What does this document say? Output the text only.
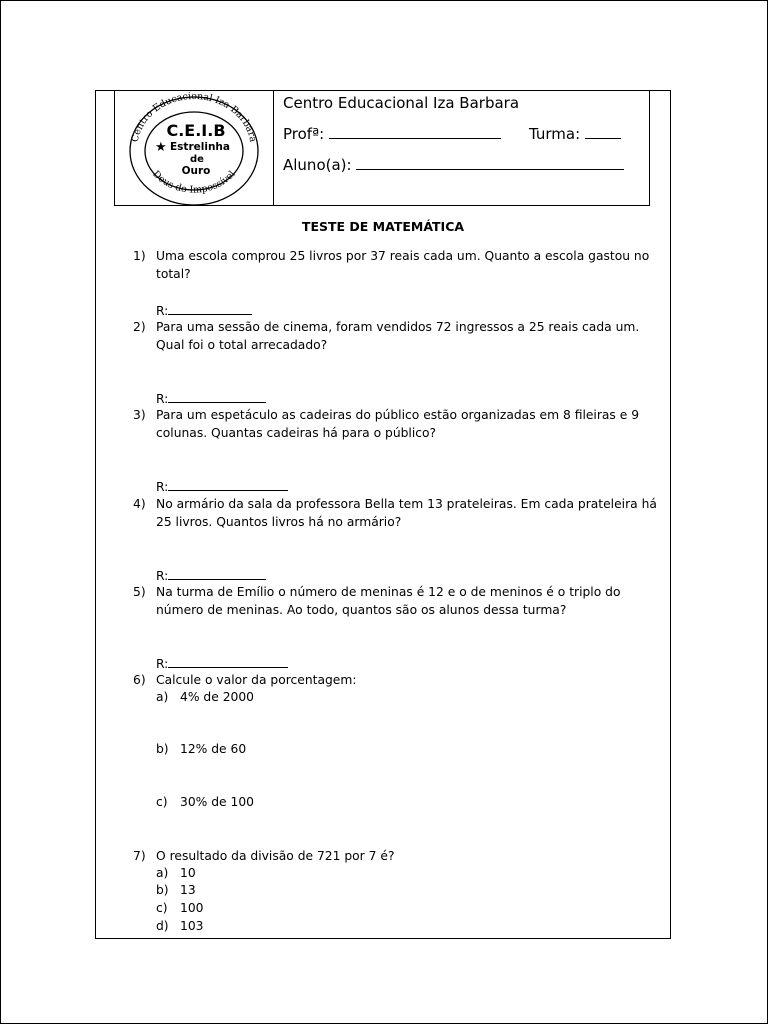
TESTE DE MATEMÁTICA
1) Uma escola comprou 25 livros por 37 reais cada um. Quanto a escola gastou no total?
R:
2) Para uma sessão de cinema, foram vendidos 72 ingressos a 25 reais cada um. Qual foi o total arrecadado?
R:
3) Para um espetáculo as cadeiras do público estão organizadas em 8 fileiras e 9 colunas. Quantas cadeiras há para o público?
R:
4) No armário da sala da professora Bella tem 13 prateleiras. Em cada prateleira há 25 livros. Quantos livros há no armário?
R:
5) Na turma de Emílio o número de meninas é 12 e o de meninos é o triplo do número de meninas. Ao todo, quantos são os alunos dessa turma?
R:
6) Calcule o valor da porcentagem:
a) 4% de 2000
b) 12% de 60
c) 30% de 100
7) O resultado da divisão de 721 por 7 é?
a) 10
b) 13
c) 100
d) 103
Centro Educacional Iza Barbara
Deus do Impossível
C.E.I.B
★ Estrelinha
de
Ouro
Centro Educacional Iza Barbara
Profª:	Turma:
Aluno(a):
